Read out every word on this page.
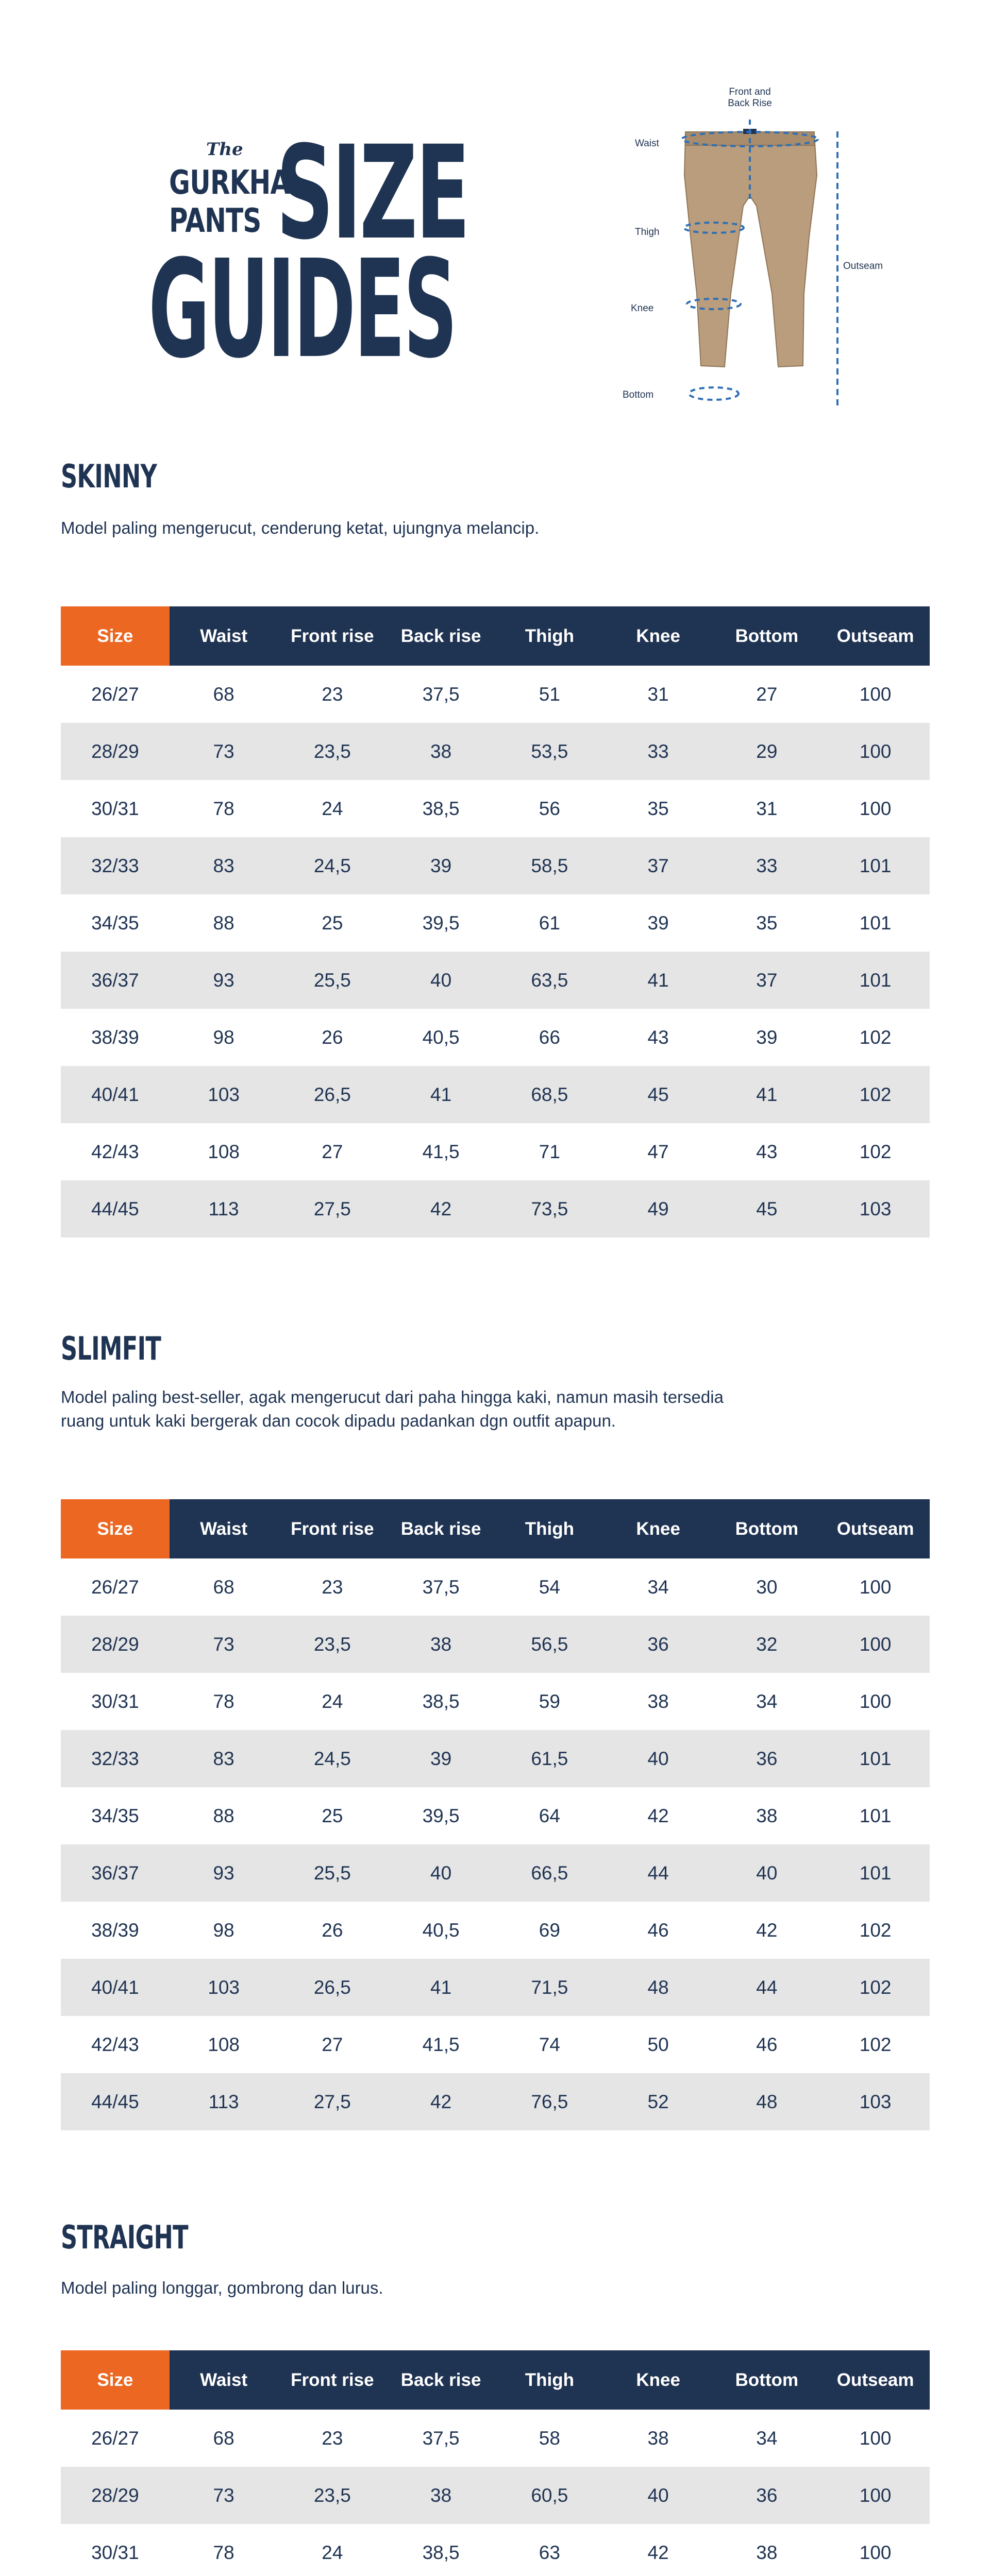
The
GURKHA
PANTS SIZE
GUIDES
Front and
Back Rise
Waist
Thigh
Knee
Bottom
Outseam
SKINNY
Model paling mengerucut, cenderung ketat, ujungnya melancip.
Size	Waist	Front rise	Back rise	Thigh	Knee	Bottom	Outseam
26/27	68	23	37,5	51	31	27	100
28/29	73	23,5	38	53,5	33	29	100
30/31	78	24	38,5	56	35	31	100
32/33	83	24,5	39	58,5	37	33	101
34/35	88	25	39,5	61	39	35	101
36/37	93	25,5	40	63,5	41	37	101
38/39	98	26	40,5	66	43	39	102
40/41	103	26,5	41	68,5	45	41	102
42/43	108	27	41,5	71	47	43	102
44/45	113	27,5	42	73,5	49	45	103
SLIMFIT
Model paling best-seller, agak mengerucut dari paha hingga kaki, namun masih tersedia ruang untuk kaki bergerak dan cocok dipadu padankan dgn outfit apapun.
Size	Waist	Front rise	Back rise	Thigh	Knee	Bottom	Outseam
26/27	68	23	37,5	54	34	30	100
28/29	73	23,5	38	56,5	36	32	100
30/31	78	24	38,5	59	38	34	100
32/33	83	24,5	39	61,5	40	36	101
34/35	88	25	39,5	64	42	38	101
36/37	93	25,5	40	66,5	44	40	101
38/39	98	26	40,5	69	46	42	102
40/41	103	26,5	41	71,5	48	44	102
42/43	108	27	41,5	74	50	46	102
44/45	113	27,5	42	76,5	52	48	103
STRAIGHT
Model paling longgar, gombrong dan lurus.
Size	Waist	Front rise	Back rise	Thigh	Knee	Bottom	Outseam
26/27	68	23	37,5	58	38	34	100
28/29	73	23,5	38	60,5	40	36	100
30/31	78	24	38,5	63	42	38	100
